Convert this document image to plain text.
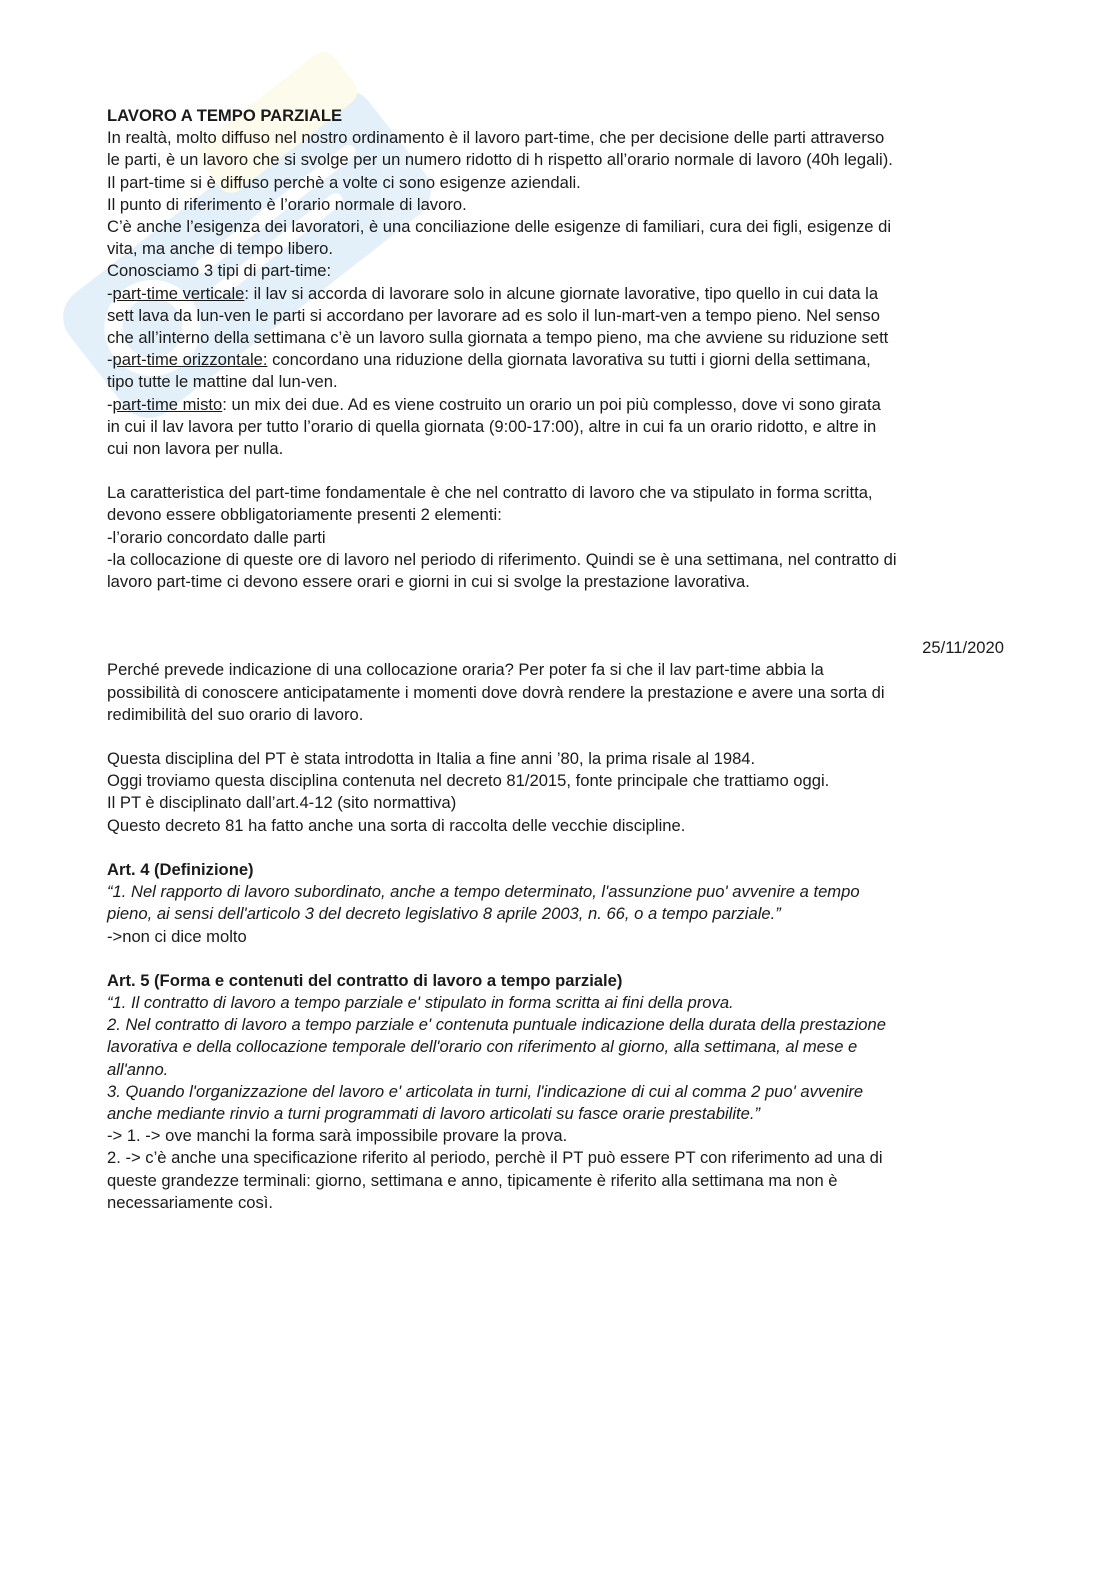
LAVORO A TEMPO PARZIALE
In realtà, molto diffuso nel nostro ordinamento è il lavoro part-time, che per decisione delle parti attraverso
le parti, è un lavoro che si svolge per un numero ridotto di h rispetto all’orario normale di lavoro (40h legali).
Il part-time si è diffuso perchè a volte ci sono esigenze aziendali.
Il punto di riferimento è l’orario normale di lavoro.
C’è anche l’esigenza dei lavoratori, è una conciliazione delle esigenze di familiari, cura dei figli, esigenze di
vita, ma anche di tempo libero.
Conosciamo 3 tipi di part-time:
-part-time verticale: il lav si accorda di lavorare solo in alcune giornate lavorative, tipo quello in cui data la
sett lava da lun-ven le parti si accordano per lavorare ad es solo il lun-mart-ven a tempo pieno. Nel senso
che all’interno della settimana c’è un lavoro sulla giornata a tempo pieno, ma che avviene su riduzione sett
-part-time orizzontale: concordano una riduzione della giornata lavorativa su tutti i giorni della settimana,
tipo tutte le mattine dal lun-ven.
-part-time misto: un mix dei due. Ad es viene costruito un orario un poi più complesso, dove vi sono girata
in cui il lav lavora per tutto l’orario di quella giornata (9:00-17:00), altre in cui fa un orario ridotto, e altre in
cui non lavora per nulla.
La caratteristica del part-time fondamentale è che nel contratto di lavoro che va stipulato in forma scritta,
devono essere obbligatoriamente presenti 2 elementi:
-l’orario concordato dalle parti
-la collocazione di queste ore di lavoro nel periodo di riferimento. Quindi se è una settimana, nel contratto di
lavoro part-time ci devono essere orari e giorni in cui si svolge la prestazione lavorativa.
25/11/2020
Perché prevede indicazione di una collocazione oraria? Per poter fa si che il lav part-time abbia la
possibilità di conoscere anticipatamente i momenti dove dovrà rendere la prestazione e avere una sorta di
redimibilità del suo orario di lavoro.
Questa disciplina del PT è stata introdotta in Italia a fine anni ’80, la prima risale al 1984.
Oggi troviamo questa disciplina contenuta nel decreto 81/2015, fonte principale che trattiamo oggi.
Il PT è disciplinato dall’art.4-12 (sito normattiva)
Questo decreto 81 ha fatto anche una sorta di raccolta delle vecchie discipline.
Art. 4 (Definizione)
“1. Nel rapporto di lavoro subordinato, anche a tempo determinato, l'assunzione puo' avvenire a tempo
pieno, ai sensi dell'articolo 3 del decreto legislativo 8 aprile 2003, n. 66, o a tempo parziale.”
->non ci dice molto
Art. 5 (Forma e contenuti del contratto di lavoro a tempo parziale)
“1. Il contratto di lavoro a tempo parziale e' stipulato in forma scritta ai fini della prova.
2. Nel contratto di lavoro a tempo parziale e' contenuta puntuale indicazione della durata della prestazione
lavorativa e della collocazione temporale dell'orario con riferimento al giorno, alla settimana, al mese e
all'anno.
3. Quando l'organizzazione del lavoro e' articolata in turni, l'indicazione di cui al comma 2 puo' avvenire
anche mediante rinvio a turni programmati di lavoro articolati su fasce orarie prestabilite.”
-> 1. -> ove manchi la forma sarà impossibile provare la prova.
2. -> c’è anche una specificazione riferito al periodo, perchè il PT può essere PT con riferimento ad una di
queste grandezze terminali: giorno, settimana e anno, tipicamente è riferito alla settimana ma non è
necessariamente così.
